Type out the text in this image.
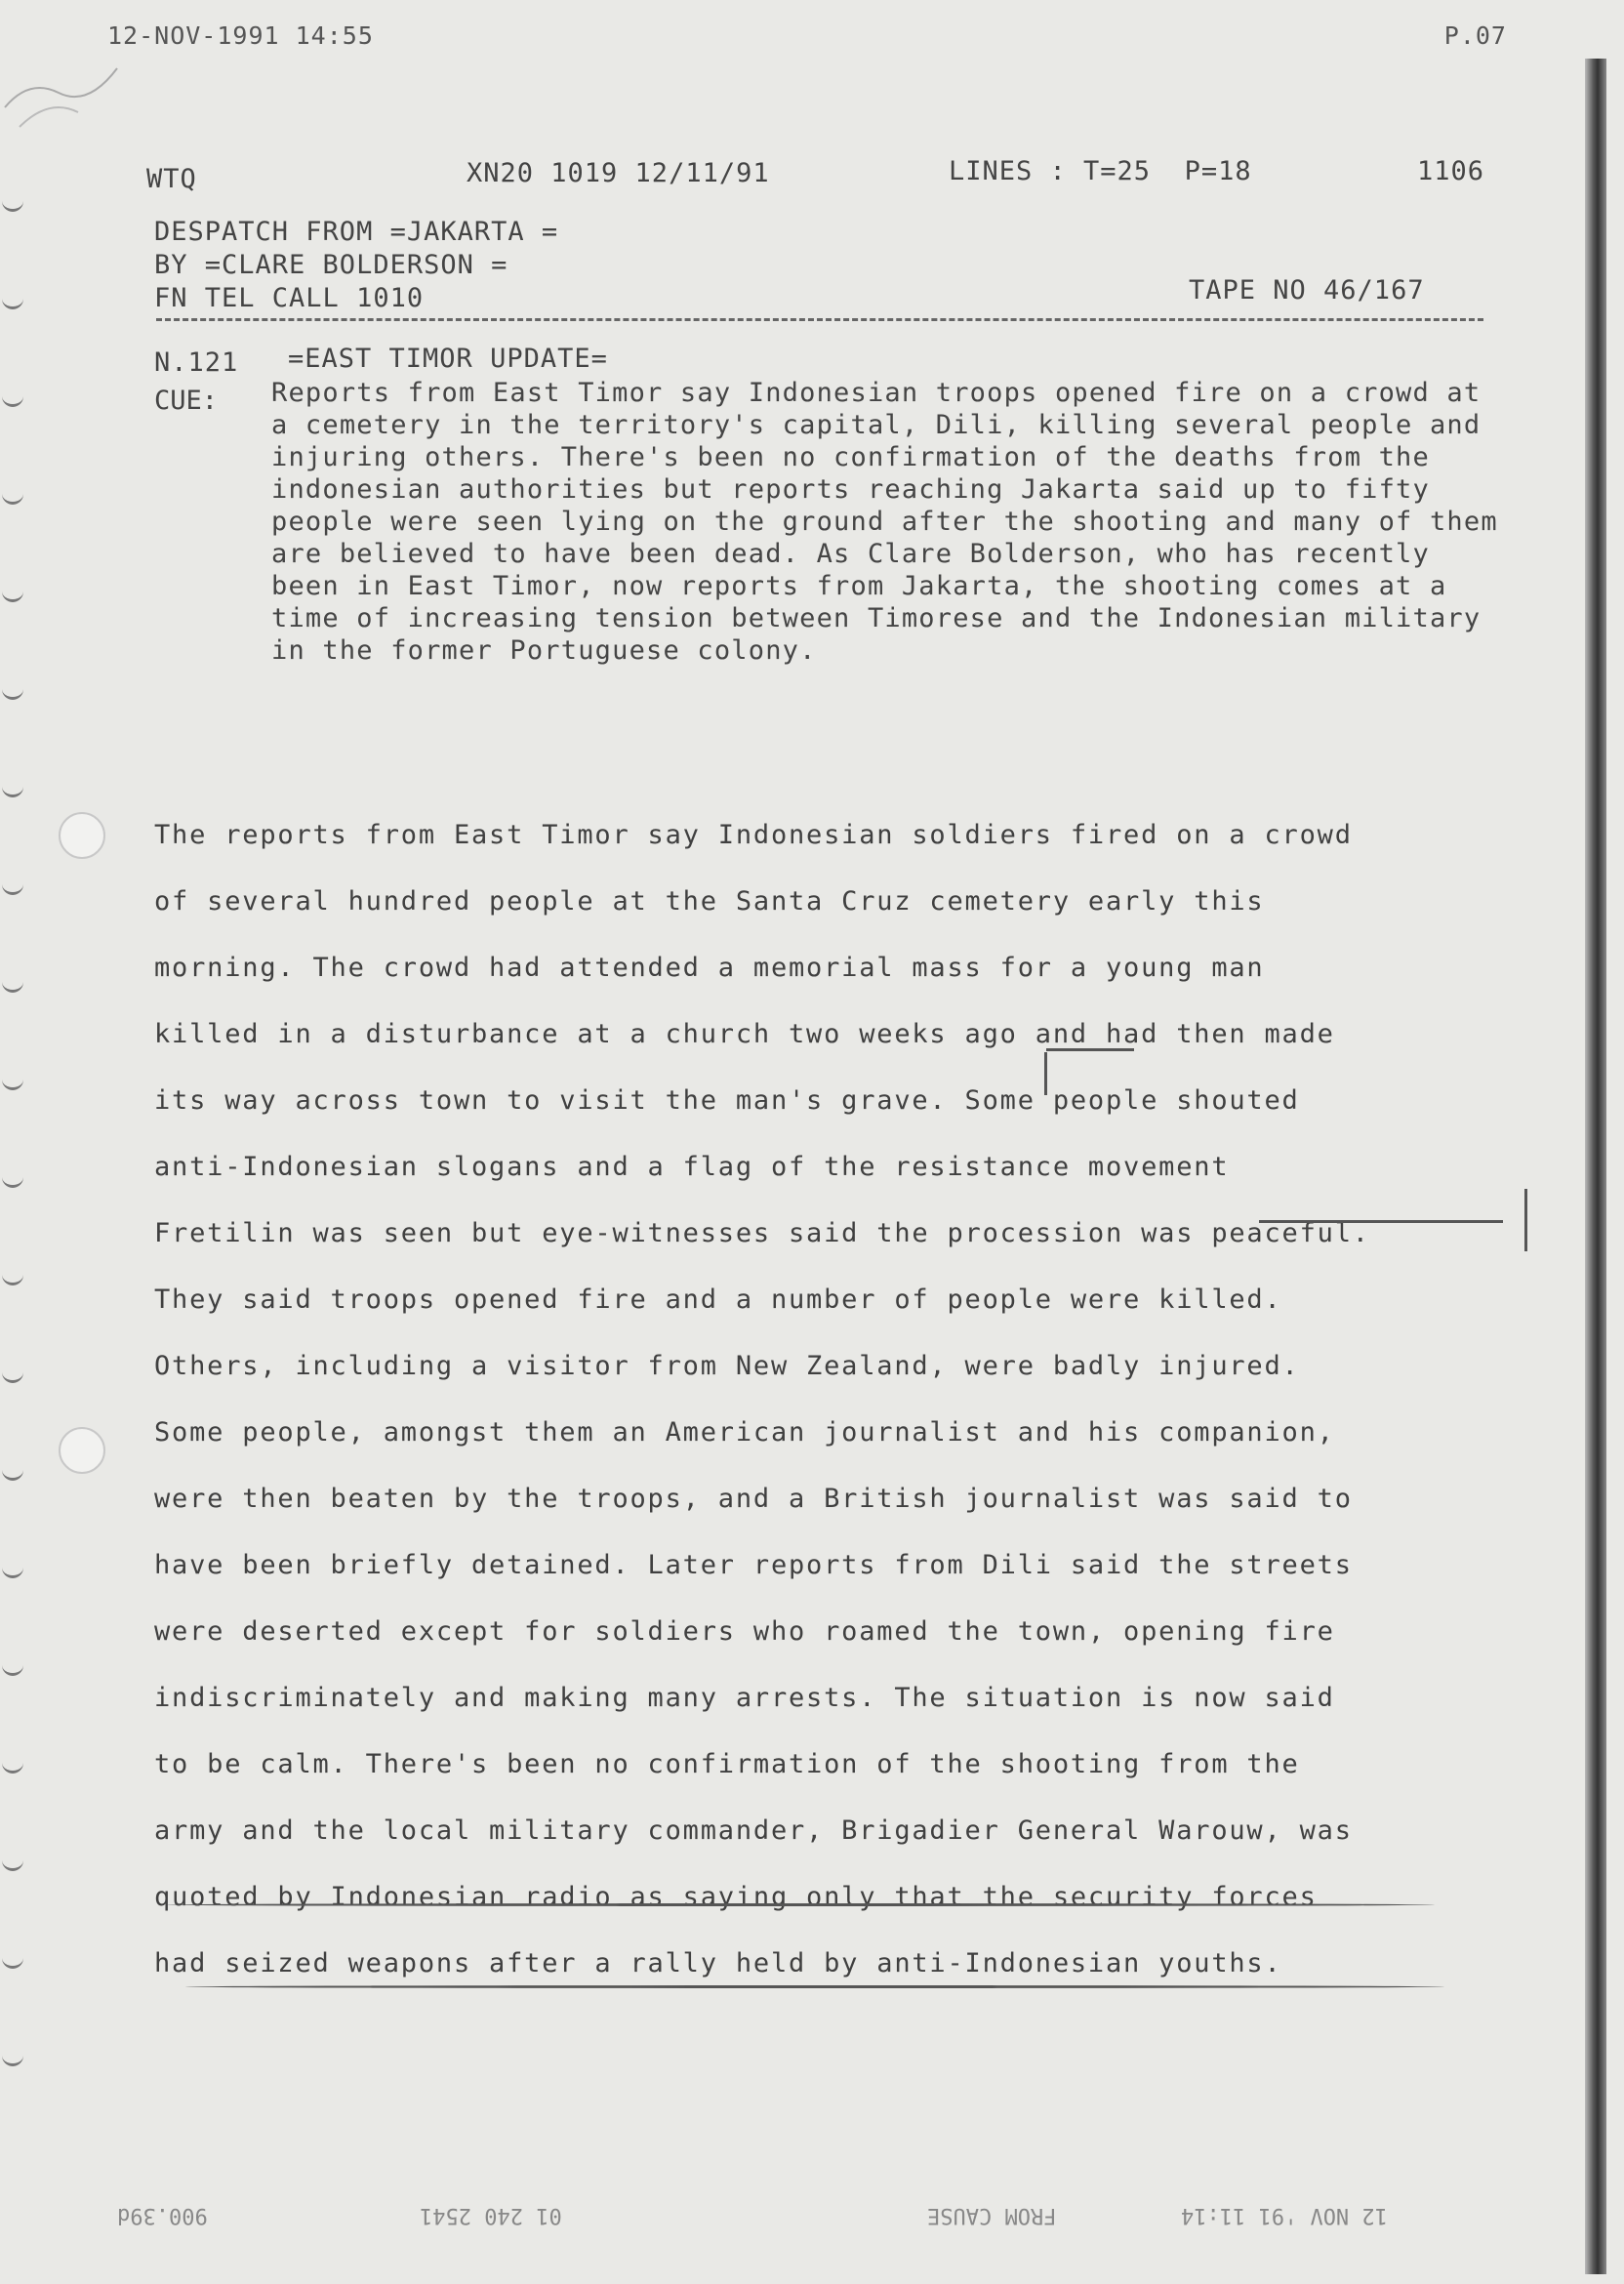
12-NOV-1991 14:55	P.07
WTQ	XN20 1019 12/11/91	LINES : T=25  P=18	1106
DESPATCH FROM =JAKARTA =
BY =CLARE BOLDERSON =
FN TEL CALL 1010	TAPE NO 46/167
N.121 =EAST TIMOR UPDATE=
CUE: Reports from East Timor say Indonesian troops opened fire on a crowd at a cemetery in the territory's capital, Dili, killing several people and injuring others. There's been no confirmation of the deaths from the indonesian authorities but reports reaching Jakarta said up to fifty people were seen lying on the ground after the shooting and many of them are believed to have been dead. As Clare Bolderson, who has recently been in East Timor, now reports from Jakarta, the shooting comes at a time of increasing tension between Timorese and the Indonesian military in the former Portuguese colony.
The reports from East Timor say Indonesian soldiers fired on a crowd
of several hundred people at the Santa Cruz cemetery early this
morning. The crowd had attended a memorial mass for a young man
killed in a disturbance at a church two weeks ago and had then made
its way across town to visit the man's grave. Some people shouted
anti-Indonesian slogans and a flag of the resistance movement
Fretilin was seen but eye-witnesses said the procession was peaceful.
They said troops opened fire and a number of people were killed.
Others, including a visitor from New Zealand, were badly injured.
Some people, amongst them an American journalist and his companion,
were then beaten by the troops, and a British journalist was said to
have been briefly detained. Later reports from Dili said the streets
were deserted except for soldiers who roamed the town, opening fire
indiscriminately and making many arrests. The situation is now said
to be calm. There's been no confirmation of the shooting from the
army and the local military commander, Brigadier General Warouw, was
quoted by Indonesian radio as saying only that the security forces
had seized weapons after a rally held by anti-Indonesian youths.
900.39d	01 240 2541	FROM CAUSE	12 NOV '91 11:14
